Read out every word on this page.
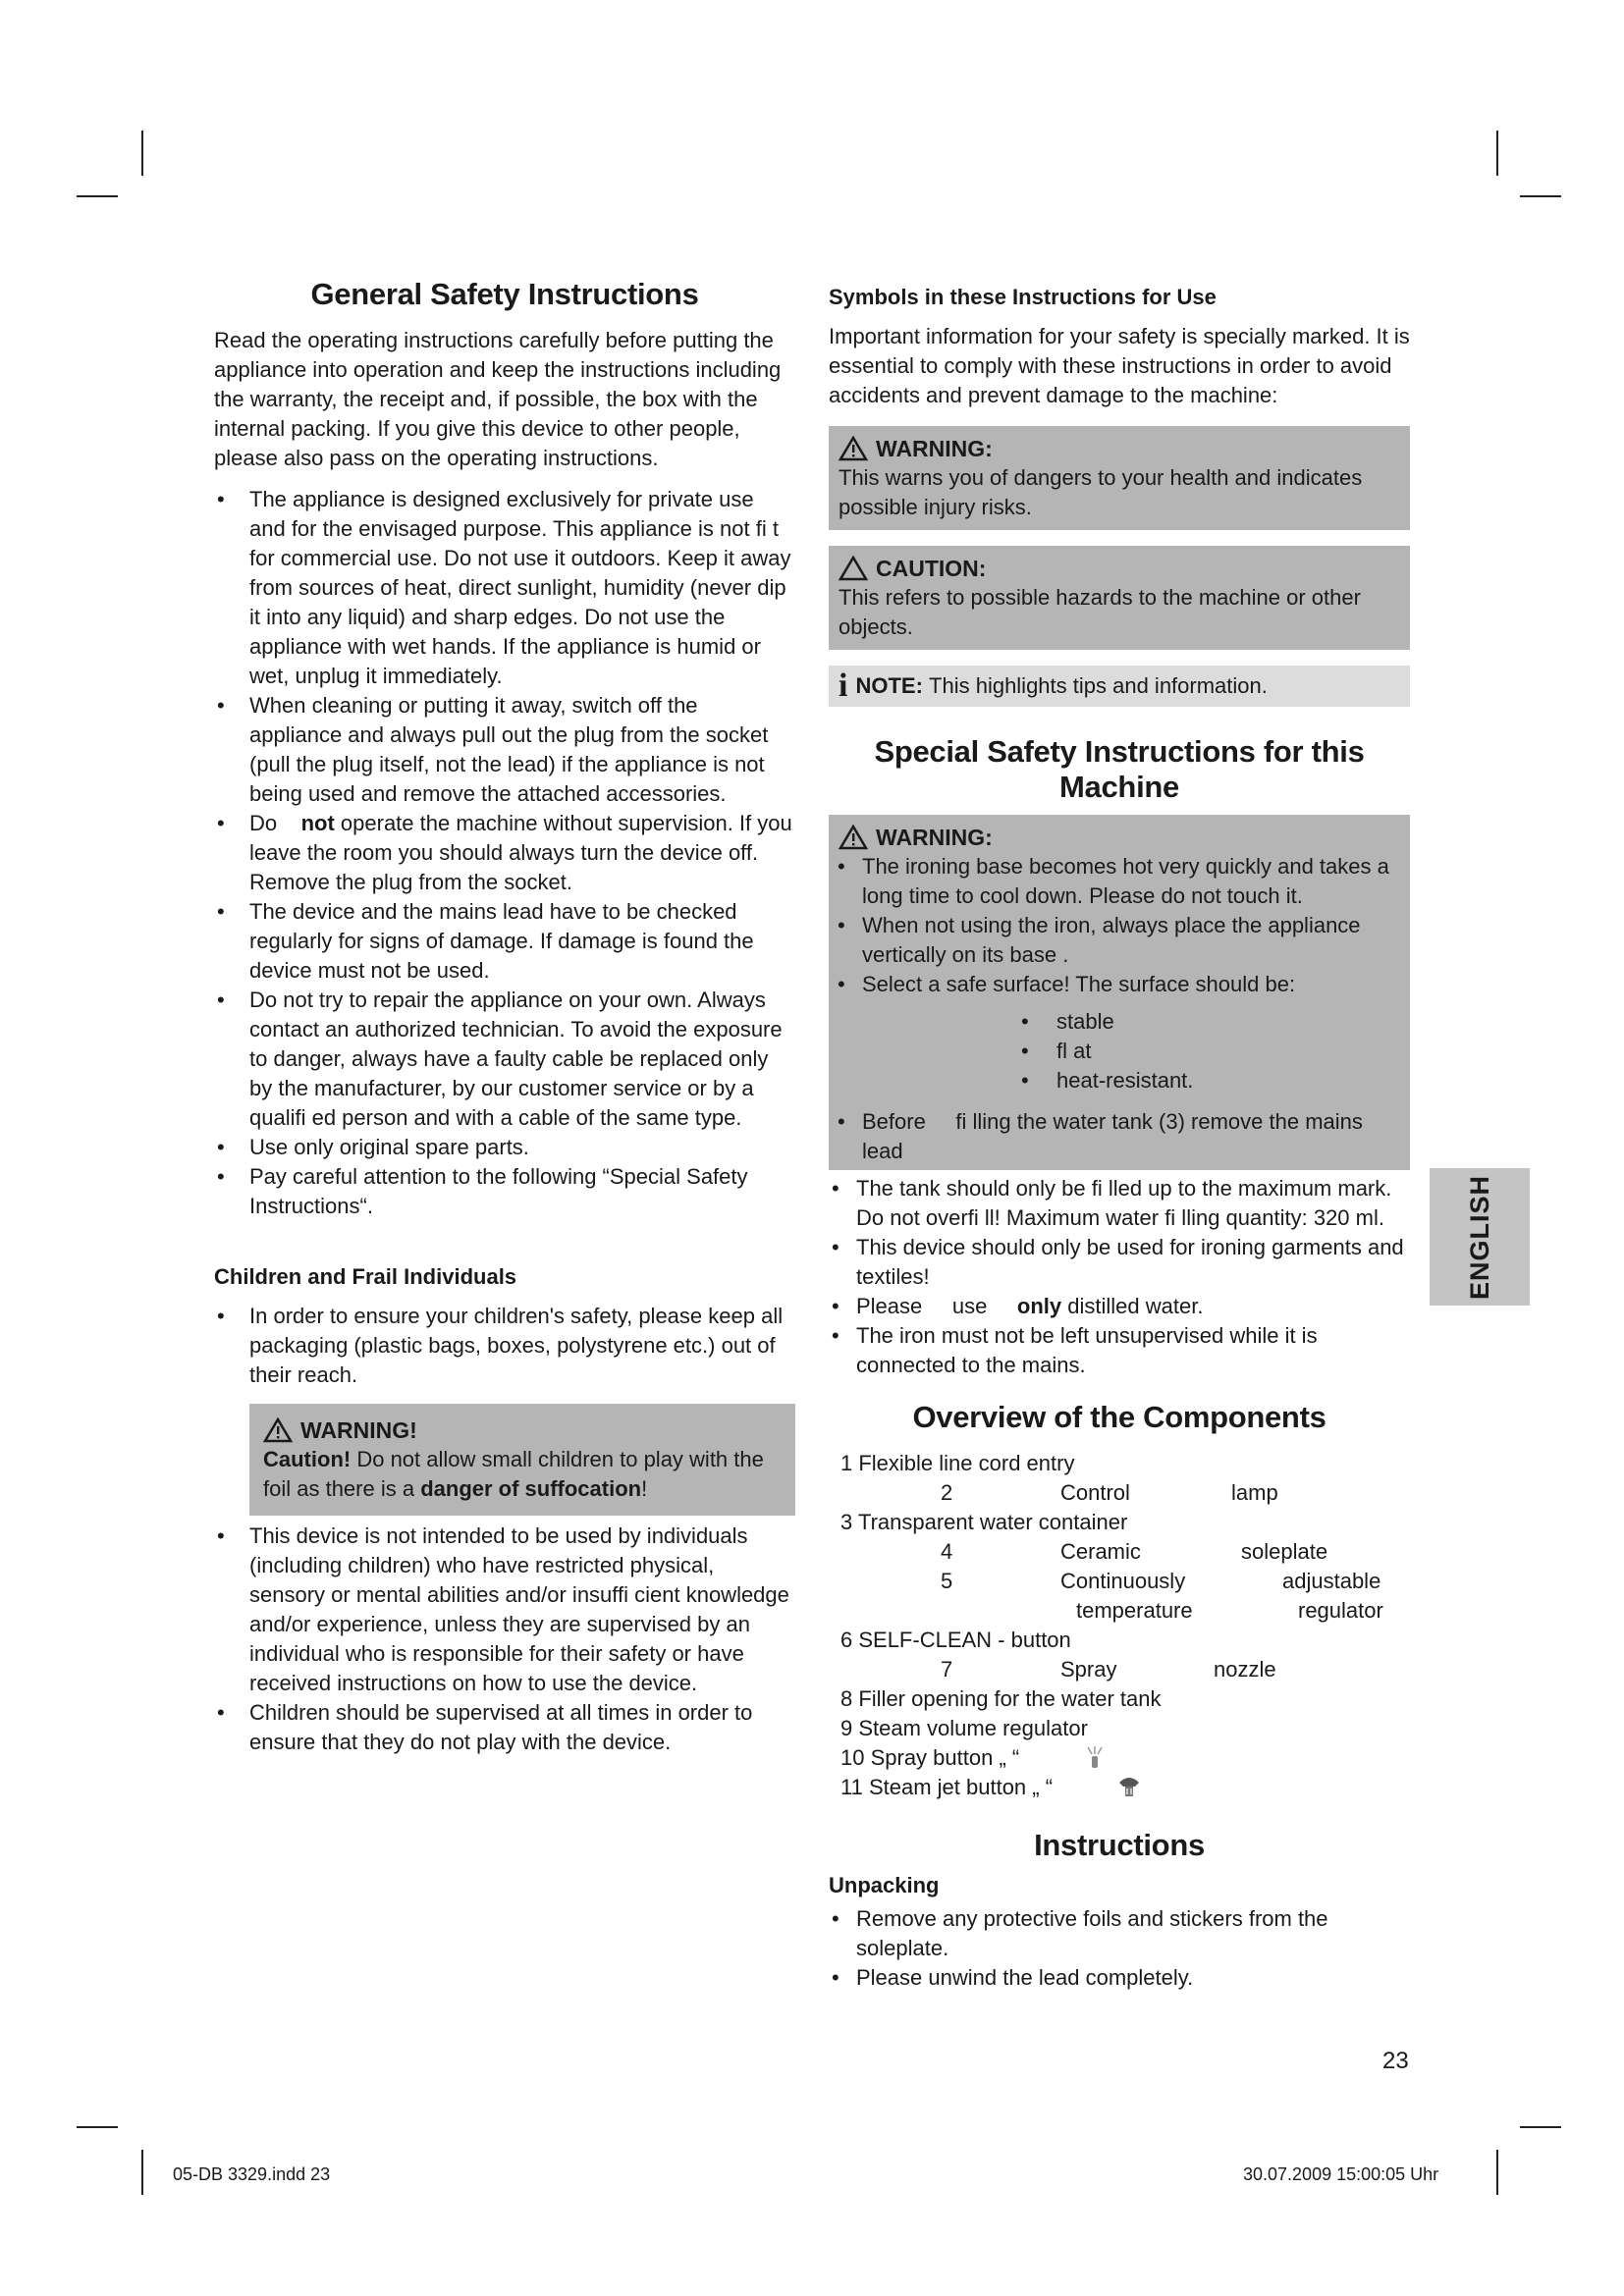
General Safety Instructions

Read the operating instructions carefully before putting the appliance into operation and keep the instructions including the warranty, the receipt and, if possible, the box with the internal packing. If you give this device to other people, please also pass on the operating instructions.

• The appliance is designed exclusively for private use and for the envisaged purpose. This appliance is not fi t for commercial use. Do not use it outdoors. Keep it away from sources of heat, direct sunlight, humidity (never dip it into any liquid) and sharp edges. Do not use the appliance with wet hands. If the appliance is humid or wet, unplug it immediately.
• When cleaning or putting it away, switch off the appliance and always pull out the plug from the socket (pull the plug itself, not the lead) if the appliance is not being used and remove the attached accessories.
• Do not operate the machine without supervision. If you leave the room you should always turn the device off. Remove the plug from the socket.
• The device and the mains lead have to be checked regularly for signs of damage. If damage is found the device must not be used.
• Do not try to repair the appliance on your own. Always contact an authorized technician. To avoid the exposure to danger, always have a faulty cable be replaced only by the manufacturer, by our customer service or by a qualifi ed person and with a cable of the same type.
• Use only original spare parts.
• Pay careful attention to the following “Special Safety Instructions“.
Children and Frail Individuals
• In order to ensure your children's safety, please keep all packaging (plastic bags, boxes, polystyrene etc.) out of their reach.
WARNING!

Caution! Do not allow small children to play with the foil as there is a danger of suffocation!

• This device is not intended to be used by individuals (including children) who have restricted physical, sensory or mental abilities and/or insuffi cient knowledge and/or experience, unless they are supervised by an individual who is responsible for their safety or have received instructions on how to use the device.
• Children should be supervised at all times in order to ensure that they do not play with the device.
Symbols in these Instructions for Use

Important information for your safety is specially marked. It is essential to comply with these instructions in order to avoid accidents and prevent damage to the machine:

WARNING:

This warns you of dangers to your health and indicates possible injury risks.

CAUTION:

This refers to possible hazards to the machine or other objects.

i NOTE:
This highlights tips and information.
Special Safety Instructions for this Machine
WARNING:
• The ironing base becomes hot very quickly and takes a long time to cool down. Please do not touch it.
• When not using the iron, always place the appliance vertically on its base .
• Select a safe surface! The surface should be:
• stable
• fl at
• heat-resistant.
• Before fi lling the water tank (3) remove the mains lead
• The tank should only be fi lled up to the maximum mark. Do not overfi ll! Maximum water fi lling quantity: 320 ml.
• This device should only be used for ironing garments and textiles!
• Please use only distilled water.
• The iron must not be left unsupervised while it is connected to the mains.
Overview of the Components
1 Flexible line cord entry
2	Control	lamp
3 Transparent water container
4	Ceramic	soleplate
5	Continuously	adjustable
temperature	regulator
6 SELF-CLEAN - button
7	Spray	nozzle
8 Filler opening for the water tank
9 Steam volume regulator
10 Spray button „ “
11 Steam jet button „ “
Instructions
Unpacking
• Remove any protective foils and stickers from the soleplate.
• Please unwind the lead completely.
ENGLISH
23
05-DB 3329.indd 23	30.07.2009 15:00:05 Uhr
